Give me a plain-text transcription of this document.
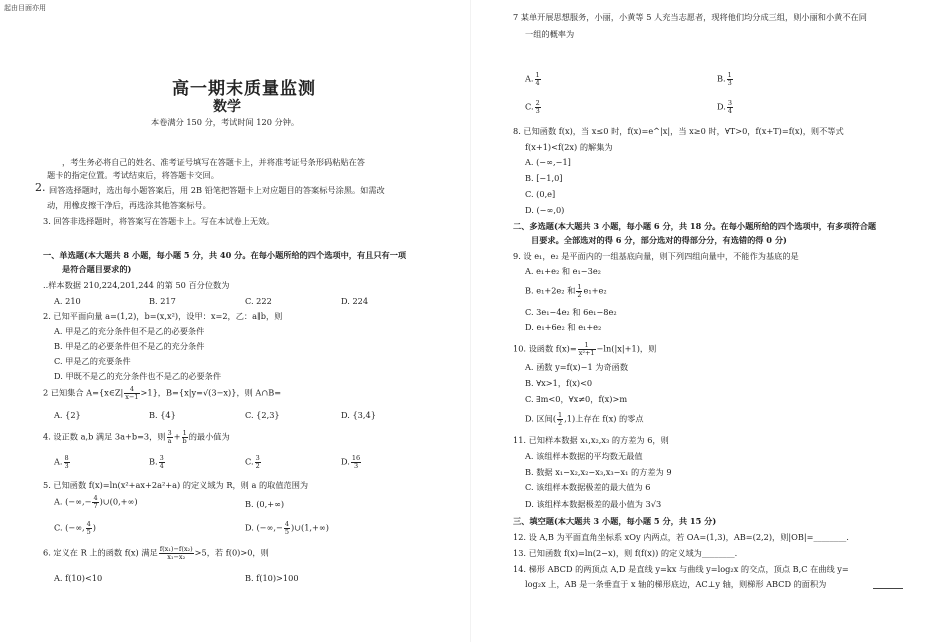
起由目面亦用
高一期末质量监测
数学
本卷满分 150 分，考试时间 120 分钟。
，考生务必将自己的姓名、准考证号填写在答题卡上，并将准考证号条形码粘贴在答
题卡的指定位置。考试结束后，将答题卡交回。
2. 回答选择题时，选出每小题答案后，用 2B 铅笔把答题卡上对应题目的答案标号涂黑。如需改
动，用橡皮擦干净后，再选涂其他答案标号。
3. 回答非选择题时，将答案写在答题卡上。写在本试卷上无效。
一、单选题(本大题共 8 小题，每小题 5 分，共 40 分。在每小题所给的四个选项中，有且只有一项
是符合题目要求的)
..样本数据 210,224,201,244 的第 50 百分位数为
A. 210	B. 217	C. 222	D. 224
2. 已知平面向量 a=(1,2)，b=(x,x²)，设甲：x=2，乙：a∥b，则
A. 甲是乙的充分条件但不是乙的必要条件
B. 甲是乙的必要条件但不是乙的充分条件
C. 甲是乙的充要条件
D. 甲既不是乙的充分条件也不是乙的必要条件
2 已知集合 A={x∈Z| $\frac{4}{x-1} >1$}，B={x|y=√(3−x)}，则 A∩B=
A. {2}	B. {4}	C. {2,3}	D. {3,4}
4. 设正数 a,b 满足 3a+b=3，则 $\frac{3}{a} + \frac{1}{b}$ 的最小值为
A. $\frac{8}{3}$	B. $\frac{3}{4}$	C. $\frac{3}{2}$	D. $\frac{16}{3}$
5. 已知函数 f(x)=ln(x²+ax+2a²+a) 的定义域为 R，则 a 的取值范围为
A. (−∞,− $\frac{4}{7}$ )∪(0,+∞)	B. (0,+∞)
C. (−∞, $\frac{4}{5}$ )	D. (−∞,− $\frac{4}{5}$ )∪(1,+∞)
6. 定义在 R 上的函数 f(x) 满足 $\frac{\text{f(x₁)−f(x₂)}}{\text{x₁−x₂}} >5$，若 f(0)>0，则
A. f(10)<10	B. f(10)>100
7 某单开展思想服务，小丽，小黄等 5 人充当志愿者，现将他们均分成三组，则小丽和小黄不在同
一组的概率为
A. $\frac{1}{4}$	B. $\frac{1}{3}$
C. $\frac{2}{3}$	D. $\frac{3}{4}$
8. 已知函数 f(x)，当 x≤0 时，f(x)=e^|x|，当 x≥0 时，∀T>0，f(x+T)=f(x)，则不等式
f(x+1)<f(2x) 的解集为
A. (−∞,−1]
B. [−1,0]
C. (0,e]
D. (−∞,0)
二、多选题(本大题共 3 小题，每小题 6 分，共 18 分。在每小题所给的四个选项中，有多项符合题
目要求。全部选对的得 6 分，部分选对的得部分分，有选错的得 0 分)
9. 设 e₁，e₂ 是平面内的一组基底向量，则下列四组向量中，不能作为基底的是
A. e₁+e₂ 和 e₁−3e₂
B. e₁+2e₂ 和 $\frac{1}{2} e_1+e_2$
C. 3e₁−4e₂ 和 6e₁−8e₂
D. e₁+6e₂ 和 e₁+e₂
10. 设函数 $f(x)= \frac{1}{\text{x²+1}} -\ln(|x|+1)$，则
A. 函数 y=f(x)−1 为奇函数
B. ∀x>1，f(x)<0
C. ∃m<0，∀x≠0，f(x)>m
D. 区间( $\frac{1}{2} ,1$)上存在 f(x) 的零点
11. 已知样本数据 x₁,x₂,x₃ 的方差为 6，则
A. 该组样本数据的平均数无最值
B. 数据 x₁−x₂,x₂−x₃,x₃−x₁ 的方差为 9
C. 该组样本数据极差的最大值为 6
D. 该组样本数据极差的最小值为 3√3
三、填空题(本大题共 3 小题，每小题 5 分，共 15 分)
12. 设 A,B 为平面直角坐标系 xOy 内两点，若 OA=(1,3)，AB=(2,2)，则|OB|=________.
13. 已知函数 f(x)=ln(2−x)，则 f(f(x)) 的定义域为________.
14. 梯形 ABCD 的两顶点 A,D 是直线 y=kx 与曲线 y=log₂x 的交点，顶点 B,C 在曲线 y=
log₂x 上，AB 是一条垂直于 x 轴的梯形底边，AC⊥y 轴，则梯形 ABCD 的面积为
